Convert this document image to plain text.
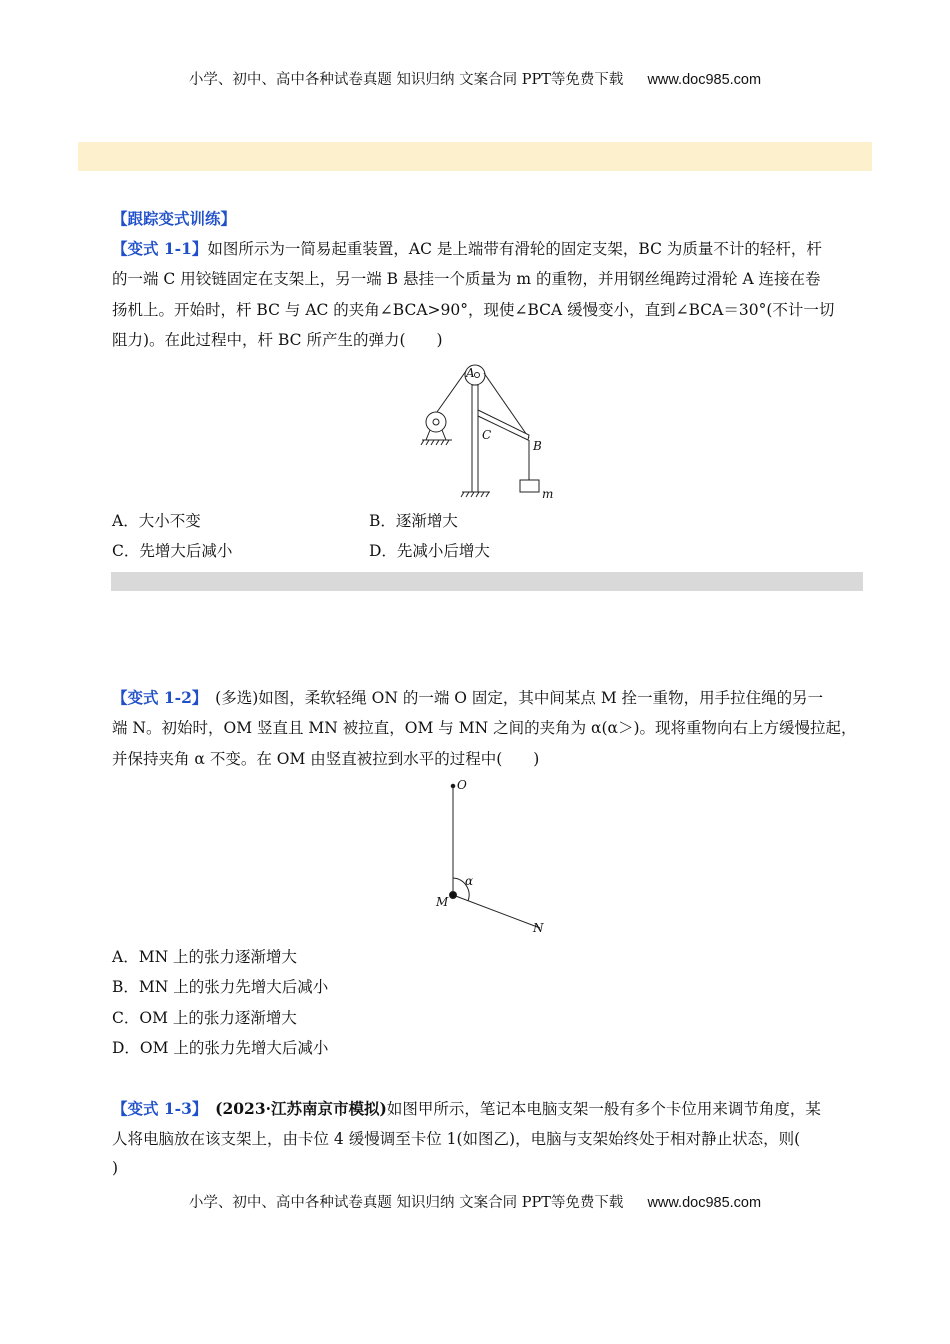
小学、初中、高中各种试卷真题 知识归纳 文案合同 PPT等免费下载 www.doc985.com
【跟踪变式训练】
【变式 1-1】如图所示为一简易起重装置，AC 是上端带有滑轮的固定支架，BC 为质量不计的轻杆，杆
的一端 C 用铰链固定在支架上，另一端 B 悬挂一个质量为 m 的重物，并用钢丝绳跨过滑轮 A 连接在卷
扬机上。开始时，杆 BC 与 AC 的夹角∠BCA>90°，现使∠BCA 缓慢变小，直到∠BCA＝30°(不计一切
阻力)。在此过程中，杆 BC 所产生的弹力(　　)
A
C
B
m
A．大小不变	B．逐渐增大
C．先增大后减小	D．先减小后增大
【变式 1-2】　(多选)如图，柔软轻绳 ON 的一端 O 固定，其中间某点 M 拴一重物，用手拉住绳的另一
端 N。初始时，OM 竖直且 MN 被拉直，OM 与 MN 之间的夹角为 α(α＞)。现将重物向右上方缓慢拉起，
并保持夹角 α 不变。在 OM 由竖直被拉到水平的过程中(　　)
O
M
N
α
A．MN 上的张力逐渐增大
B．MN 上的张力先增大后减小
C．OM 上的张力逐渐增大
D．OM 上的张力先增大后减小
【变式 1-3】　(2023·江苏南京市模拟)如图甲所示，笔记本电脑支架一般有多个卡位用来调节角度，某
人将电脑放在该支架上，由卡位 4 缓慢调至卡位 1(如图乙)，电脑与支架始终处于相对静止状态，则(
)
小学、初中、高中各种试卷真题 知识归纳 文案合同 PPT等免费下载 www.doc985.com
